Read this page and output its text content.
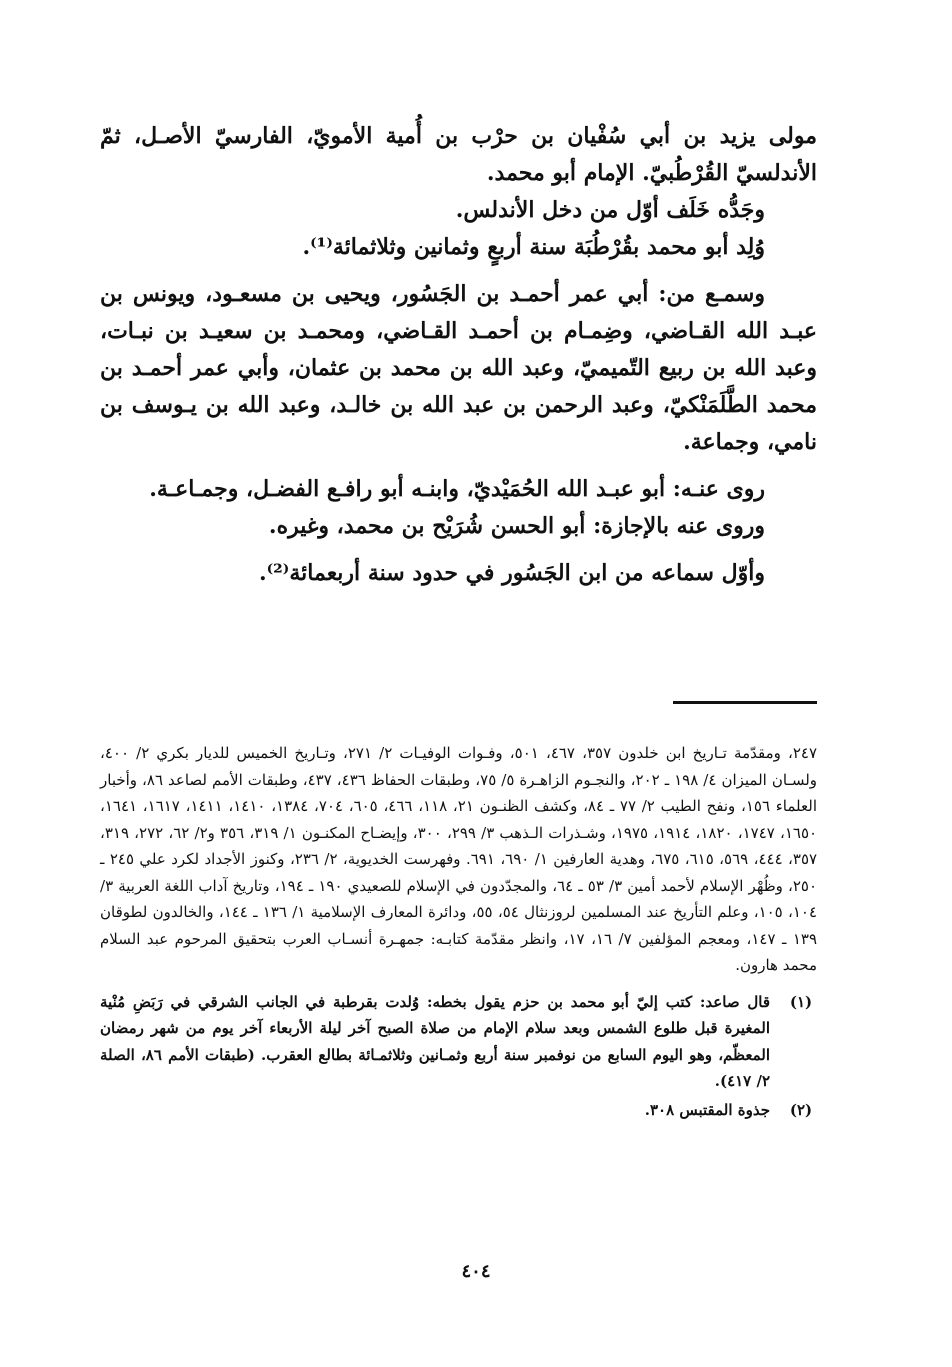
مولى يزيد بن أبي سُفْيان بن حرْب بن أُمية الأمويّ، الفارسيّ الأصـل، ثمّ الأندلسيّ القُرْطُبيّ. الإمام أبو محمد.

وجَدُّه خَلَف أوّل من دخل الأندلس.

وُلِد أبو محمد بقُرْطُبَة سنة أربعٍ وثمانين وثلاثمائة⁽¹⁾.

وسمـع من: أبي عمر أحمـد بن الجَسُور، ويحيى بن مسعـود، ويونس بن عبـد الله القـاضي، وضِمـام بن أحمـد القـاضي، ومحمـد بن سعيـد بن نبـات، وعبد الله بن ربيع التّميميّ، وعبد الله بن محمد بن عثمان، وأبي عمر أحمـد بن محمد الطَّلَمَنْكيّ، وعبد الرحمن بن عبد الله بن خالـد، وعبد الله بن يـوسف بن نامي، وجماعة.

روى عنـه: أبو عبـد الله الحُمَيْديّ، وابنـه أبو رافـع الفضـل، وجمـاعـة.

وروى عنه بالإجازة: أبو الحسن شُرَيْح بن محمد، وغيره.

وأوّل سماعه من ابن الجَسُور في حدود سنة أربعمائة⁽²⁾.

٢٤٧، ومقدّمة تـاريخ ابن خلدون ٣٥٧، ٤٦٧، ٥٠١، وفـوات الوفيـات ٢/ ٢٧١، وتـاريخ الخميس للديار بكري ٢/ ٤٠٠، ولسـان الميزان ٤/ ١٩٨ ـ ٢٠٢، والنجـوم الزاهـرة ٥/ ٧٥، وطبقات الحفاظ ٤٣٦، ٤٣٧، وطبقات الأمم لصاعد ٨٦، وأخبار العلماء ١٥٦، ونفح الطيب ٢/ ٧٧ ـ ٨٤، وكشف الظنـون ٢١، ١١٨، ٤٦٦، ٦٠٥، ٧٠٤، ١٣٨٤، ١٤١٠، ١٤١١، ١٦١٧، ١٦٤١، ١٦٥٠، ١٧٤٧، ١٨٢٠، ١٩١٤، ١٩٧٥، وشـذرات الـذهب ٣/ ٢٩٩، ٣٠٠، وإيضـاح المكنـون ١/ ٣١٩، ٣٥٦ و٢/ ٦٢، ٢٧٢، ٣١٩، ٣٥٧، ٤٤٤، ٥٦٩، ٦١٥، ٦٧٥، وهدية العارفين ١/ ٦٩٠، ٦٩١. وفهرست الخديوية، ٢/ ٢٣٦، وكنوز الأجداد لكرد علي ٢٤٥ ـ ٢٥٠، وظُهْر الإسلام لأحمد أمين ٣/ ٥٣ ـ ٦٤، والمجدّدون في الإسلام للصعيدي ١٩٠ ـ ١٩٤، وتاريخ آداب اللغة العربية ٣/ ١٠٤، ١٠٥، وعلم التأريخ عند المسلمين لروزنثال ٥٤، ٥٥، ودائرة المعارف الإسلامية ١/ ١٣٦ ـ ١٤٤، والخالدون لطوقان ١٣٩ ـ ١٤٧، ومعجم المؤلفين ٧/ ١٦، ١٧، وانظر مقدّمة كتابـه: جمهـرة أنسـاب العرب بتحقيق المرحوم عبد السلام محمد هارون.

(١)
قال صاعد: كتب إليّ أبو محمد بن حزم يقول بخطه: وُلدت بقرطبة في الجانب الشرقي في رَبَضِ مُنْية المغيرة قبل طلوع الشمس وبعد سلام الإمام من صلاة الصبح آخر ليلة الأربعاء آخر يوم من شهر رمضان المعظّم، وهو اليوم السابع من نوفمبر سنة أربع وثمـانين وثلاثمـائة بطالع العقرب. (طبقات الأمم ٨٦، الصلة ٢/ ٤١٧).

(٢)
جذوة المقتبس ٣٠٨.

٤٠٤
